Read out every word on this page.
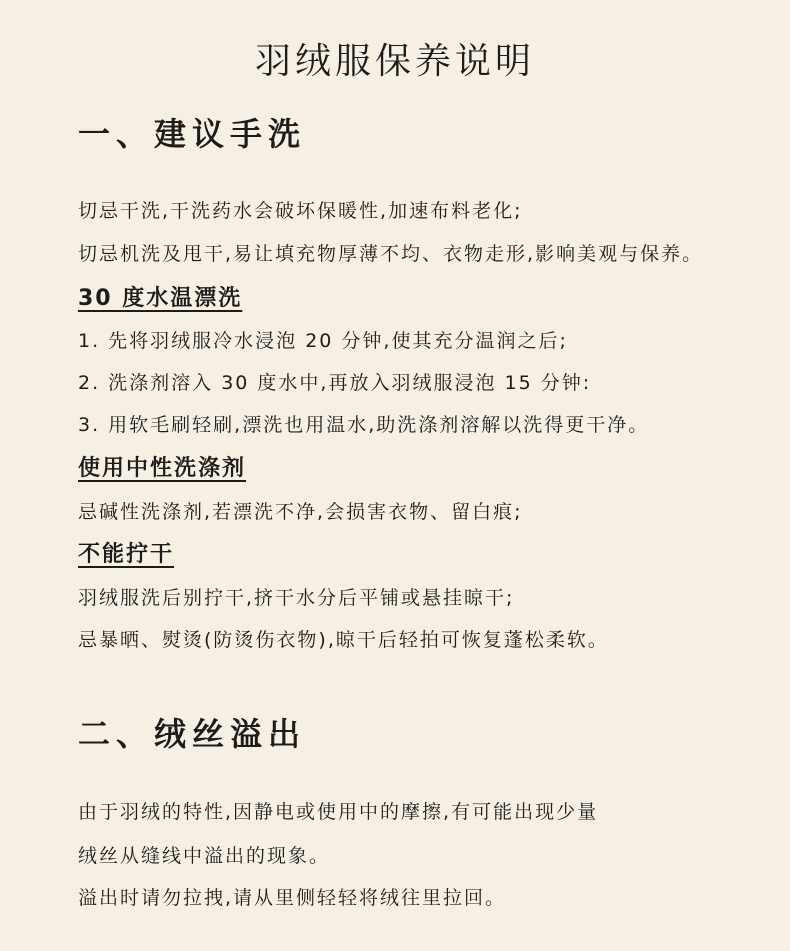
羽绒服保养说明
一、建议手洗
切忌干洗,干洗药水会破坏保暖性,加速布料老化;
切忌机洗及甩干,易让填充物厚薄不均、衣物走形,影响美观与保养。
30 度水温漂洗
1. 先将羽绒服冷水浸泡 20 分钟,使其充分温润之后;
2. 洗涤剂溶入 30 度水中,再放入羽绒服浸泡 15 分钟:
3. 用软毛刷轻刷,漂洗也用温水,助洗涤剂溶解以洗得更干净。
使用中性洗涤剂
忌碱性洗涤剂,若漂洗不净,会损害衣物、留白痕;
不能拧干
羽绒服洗后别拧干,挤干水分后平铺或悬挂晾干;
忌暴晒、熨烫(防烫伤衣物),晾干后轻拍可恢复蓬松柔软。
二、绒丝溢出
由于羽绒的特性,因静电或使用中的摩擦,有可能出现少量
绒丝从缝线中溢出的现象。
溢出时请勿拉拽,请从里侧轻轻将绒往里拉回。
